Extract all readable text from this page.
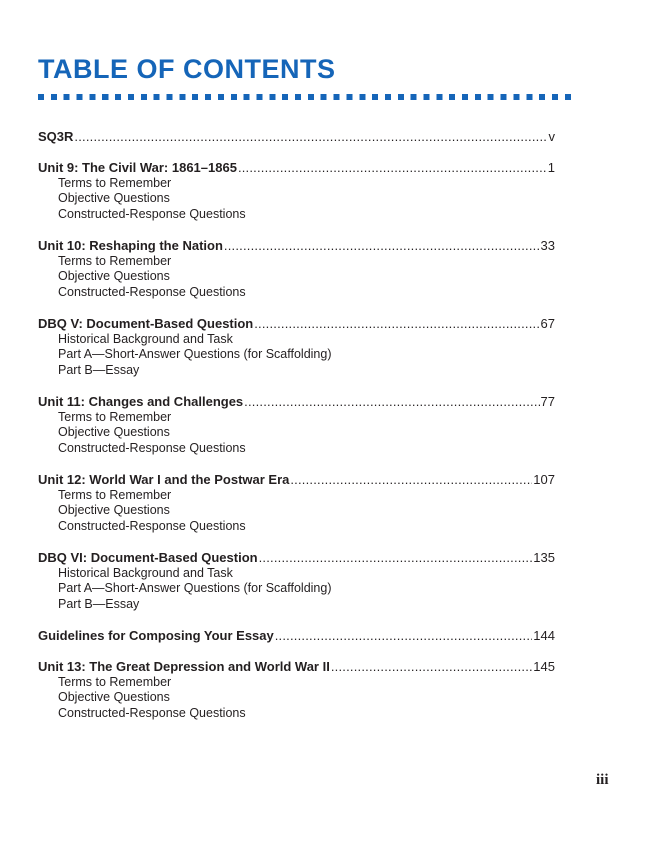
TABLE OF CONTENTS
SQ3R .....	v
Unit 9: The Civil War: 1861–1865 .....	1
Terms to Remember
Objective Questions
Constructed-Response Questions
Unit 10: Reshaping the Nation .....	33
Terms to Remember
Objective Questions
Constructed-Response Questions
DBQ V: Document-Based Question .....	67
Historical Background and Task
Part A—Short-Answer Questions (for Scaffolding)
Part B—Essay
Unit 11: Changes and Challenges .....	77
Terms to Remember
Objective Questions
Constructed-Response Questions
Unit 12: World War I and the Postwar Era .....	107
Terms to Remember
Objective Questions
Constructed-Response Questions
DBQ VI: Document-Based Question .....	135
Historical Background and Task
Part A—Short-Answer Questions (for Scaffolding)
Part B—Essay
Guidelines for Composing Your Essay .....	144
Unit 13: The Great Depression and World War II .....	145
Terms to Remember
Objective Questions
Constructed-Response Questions
iii
